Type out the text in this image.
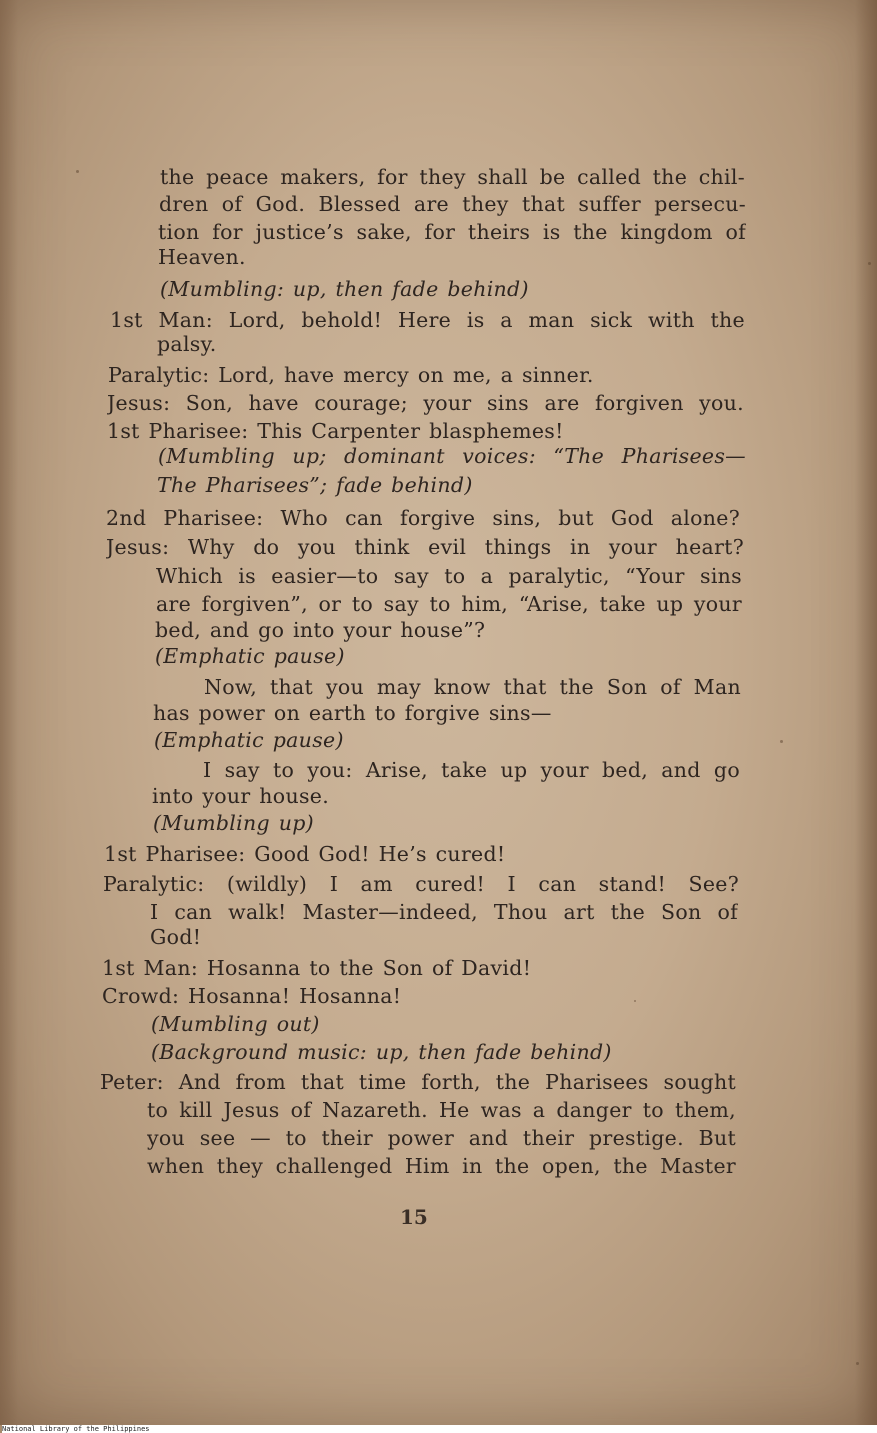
the peace makers, for they shall be called the chil-
dren of God. Blessed are they that suffer persecu-
tion for justice’s sake, for theirs is the kingdom of
Heaven.
(Mumbling: up, then fade behind)
1st Man: Lord, behold! Here is a man sick with the
palsy.
Paralytic: Lord, have mercy on me, a sinner.
Jesus: Son, have courage; your sins are forgiven you.
1st Pharisee: This Carpenter blasphemes!
(Mumbling up; dominant voices: “The Pharisees—
The Pharisees”; fade behind)
2nd Pharisee: Who can forgive sins, but God alone?
Jesus: Why do you think evil things in your heart?
Which is easier—to say to a paralytic, “Your sins
are forgiven”, or to say to him, “Arise, take up your
bed, and go into your house”?
(Emphatic pause)
Now, that you may know that the Son of Man
has power on earth to forgive sins—
(Emphatic pause)
I say to you: Arise, take up your bed, and go
into your house.
(Mumbling up)
1st Pharisee: Good God! He’s cured!
Paralytic: (wildly) I am cured! I can stand! See?
I can walk! Master—indeed, Thou art the Son of
God!
1st Man: Hosanna to the Son of David!
Crowd: Hosanna! Hosanna!
(Mumbling out)
(Background music: up, then fade behind)
Peter: And from that time forth, the Pharisees sought
to kill Jesus of Nazareth. He was a danger to them,
you see — to their power and their prestige. But
when they challenged Him in the open, the Master
15
National Library of the Philippines
